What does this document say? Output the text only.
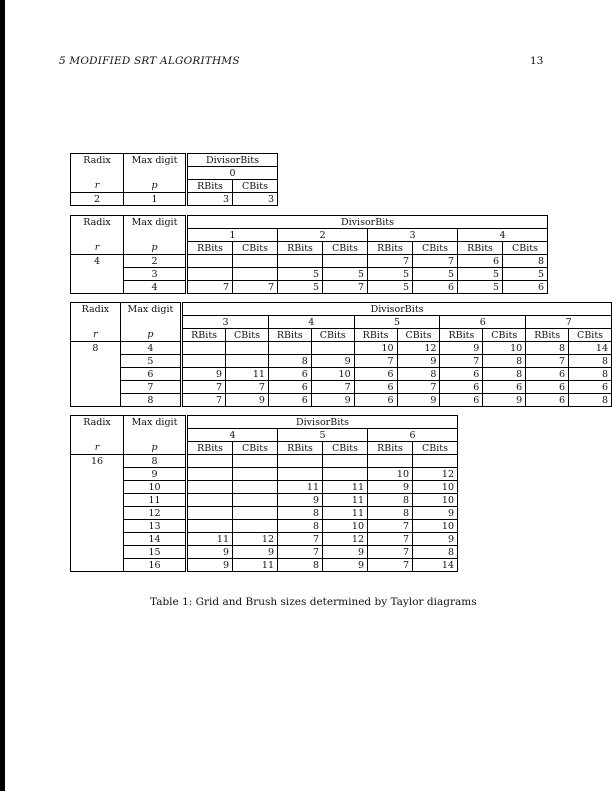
5 MODIFIED SRT ALGORITHMS	13
Radix	Max digit	DivisorBits	
		0	
r	p	RBits	CBits
2	1	3	3
Radix	Max digit	DivisorBits							
		1		2		3		4	
r	p	RBits	CBits	RBits	CBits	RBits	CBits	RBits	CBits
4	2					7	7	6	8
	3			5	5	5	5	5	5
	4	7	7	5	7	5	6	5	6
Radix	Max digit	DivisorBits									
		3		4		5		6		7	
r	p	RBits	CBits	RBits	CBits	RBits	CBits	RBits	CBits	RBits	CBits
8	4					10	12	9	10	8	14
	5			8	9	7	9	7	8	7	8
	6	9	11	6	10	6	8	6	8	6	8
	7	7	7	6	7	6	7	6	6	6	6
	8	7	9	6	9	6	9	6	9	6	8
Radix	Max digit	DivisorBits					
		4		5		6	
r	p	RBits	CBits	RBits	CBits	RBits	CBits
16	8						
	9					10	12
	10			11	11	9	10
	11			9	11	8	10
	12			8	11	8	9
	13			8	10	7	10
	14	11	12	7	12	7	9
	15	9	9	7	9	7	8
	16	9	11	8	9	7	14
Table 1: Grid and Brush sizes determined by Taylor diagrams
